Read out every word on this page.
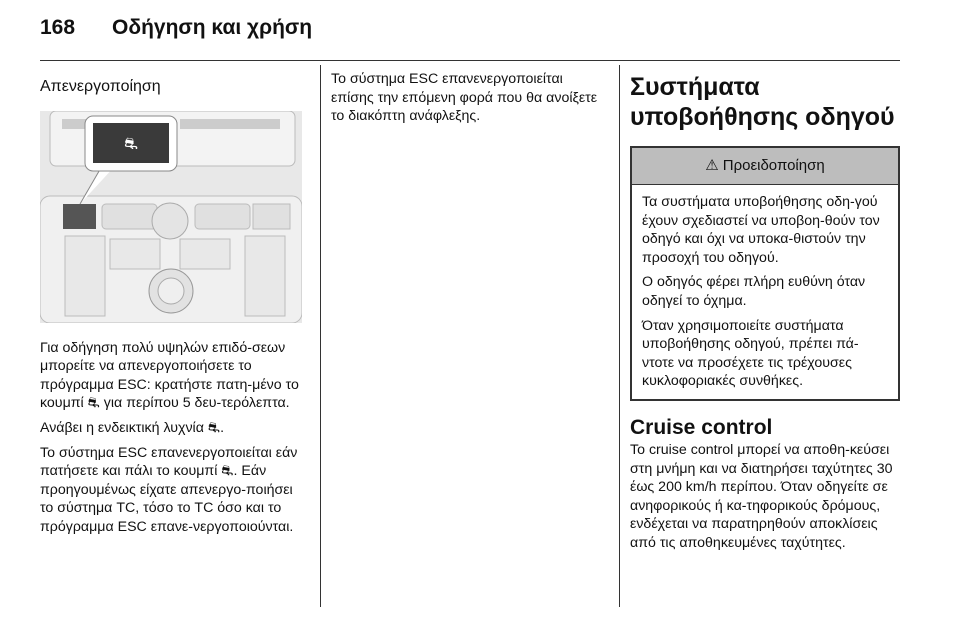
168 Οδήγηση και χρήση
Απενεργοποίηση
⛐

Για οδήγηση πολύ υψηλών επιδό-σεων μπορείτε να απενεργοποιήσετε το πρόγραμμα ESC: κρατήστε πατη-μένο το κουμπί ⛐ για περίπου 5 δευ-τερόλεπτα.

Ανάβει η ενδεικτική λυχνία ⛐.

Το σύστημα ESC επανενεργοποιείται εάν πατήσετε και πάλι το κουμπί ⛐. Εάν προηγουμένως είχατε απενεργο-ποιήσει το σύστημα TC, τόσο το TC όσο και το πρόγραμμα ESC επανε-νεργοποιούνται.

Το σύστημα ESC επανενεργοποιείται επίσης την επόμενη φορά που θα ανοίξετε το διακόπτη ανάφλεξης.

Συστήματα υποβοήθησης οδηγού
⚠ Προειδοποίηση

Τα συστήματα υποβοήθησης οδη-γού έχουν σχεδιαστεί να υποβοη-θούν τον οδηγό και όχι να υποκα-θιστούν την προσοχή του οδηγού.

Ο οδηγός φέρει πλήρη ευθύνη όταν οδηγεί το όχημα.

Όταν χρησιμοποιείτε συστήματα υποβοήθησης οδηγού, πρέπει πά-ντοτε να προσέχετε τις τρέχουσες κυκλοφοριακές συνθήκες.

Cruise control

Το cruise control μπορεί να αποθη-κεύσει στη μνήμη και να διατηρήσει ταχύτητες 30 έως 200 km/h περίπου. Όταν οδηγείτε σε ανηφορικούς ή κα-τηφορικούς δρόμους, ενδέχεται να παρατηρηθούν αποκλίσεις από τις αποθηκευμένες ταχύτητες.
